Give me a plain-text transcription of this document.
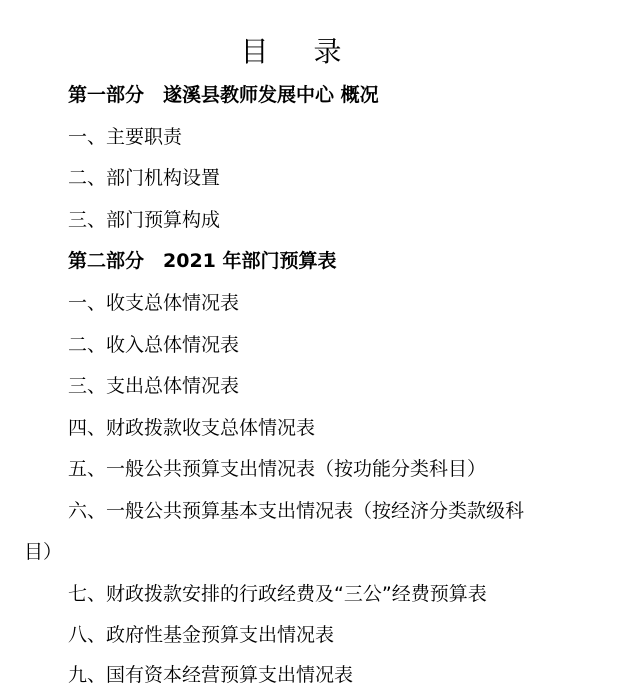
目 录
第一部分　遂溪县教师发展中心 概况
一、主要职责
二、部门机构设置
三、部门预算构成
第二部分　2021 年部门预算表
一、收支总体情况表
二、收入总体情况表
三、支出总体情况表
四、财政拨款收支总体情况表
五、一般公共预算支出情况表（按功能分类科目）
六、一般公共预算基本支出情况表（按经济分类款级科
目）
七、财政拨款安排的行政经费及“三公”经费预算表
八、政府性基金预算支出情况表
九、国有资本经营预算支出情况表
